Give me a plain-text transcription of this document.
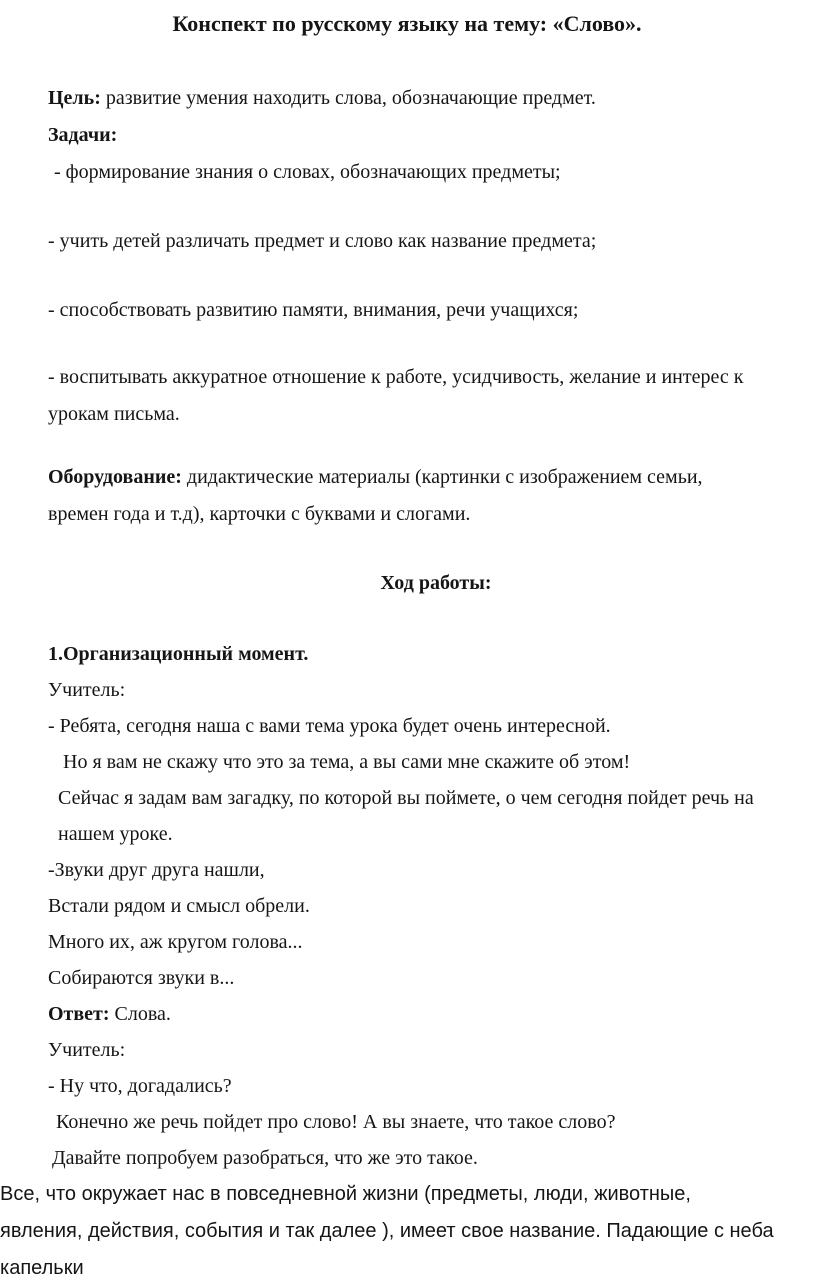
Конспект по русскому языку на тему: «Слово».

Цель: развитие умения находить слова, обозначающие предмет.

Задачи:

- формирование знания о словах, обозначающих предметы;

- учить детей различать предмет и слово как название предмета;

- способствовать развитию памяти, внимания, речи учащихся;

- воспитывать аккуратное отношение к работе, усидчивость, желание и интерес к урокам письма.

Оборудование: дидактические материалы (картинки с изображением семьи, времен года и т.д), карточки с буквами и слогами.

Ход работы:

1.Организационный момент.

Учитель:

- Ребята, сегодня наша с вами тема урока будет очень интересной.

Но я вам не скажу что это за тема, а вы сами мне скажите об этом!

Сейчас я задам вам загадку, по которой вы поймете, о чем сегодня пойдет речь на нашем уроке.

-Звуки друг друга нашли,

Встали рядом и смысл обрели.

Много их, аж кругом голова...

Собираются звуки в...

Ответ: Слова.

Учитель:

- Ну что, догадались?

Конечно же речь пойдет про слово! А вы знаете, что такое слово?

Давайте попробуем разобраться, что же это такое.

Все, что окружает нас в повседневной жизни (предметы, люди, животные, явления, действия, события и так далее ), имеет свое название. Падающие с неба капельки
